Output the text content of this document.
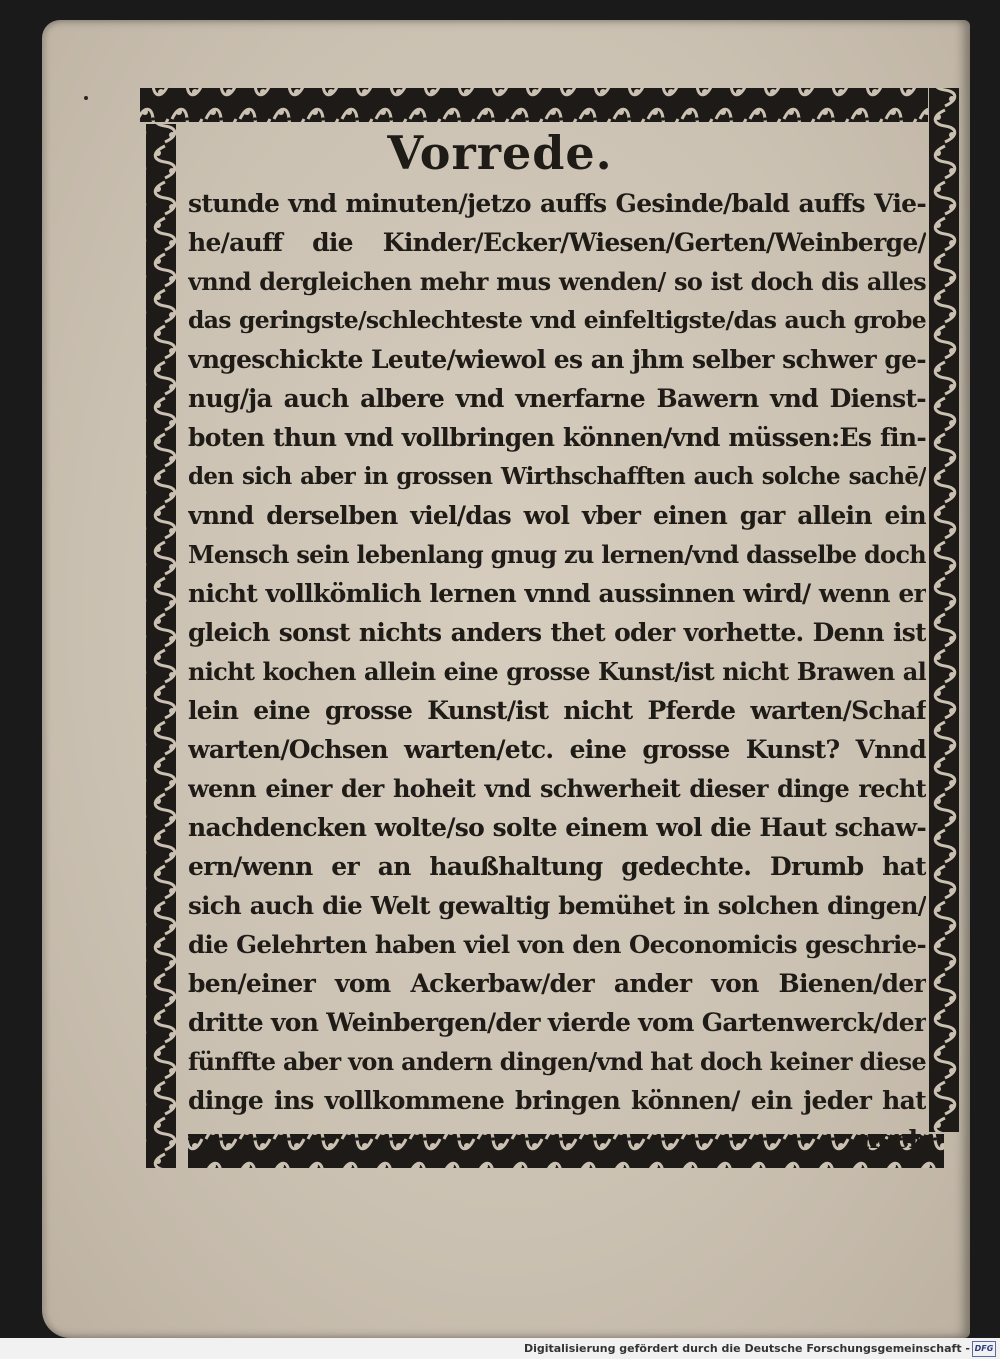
Vorrede.
stunde vnd minuten/jetzo auffs Gesinde/bald auffs Vie-
he/auff die Kinder/Ecker/Wiesen/Gerten/Weinberge/
vnnd dergleichen mehr mus wenden/ so ist doch dis alles
das geringste/schlechteste vnd einfeltigste/das auch grobe
vngeschickte Leute/wiewol es an jhm selber schwer ge-
nug/ja auch albere vnd vnerfarne Bawern vnd Dienst-
boten thun vnd vollbringen können/vnd müssen:Es fin-
den sich aber in grossen Wirthschafften auch solche sachē/
vnnd derselben viel/das wol vber einen gar allein ein
Mensch sein lebenlang gnug zu lernen/vnd dasselbe doch
nicht vollkömlich lernen vnnd aussinnen wird/ wenn er
gleich sonst nichts anders thet oder vorhette. Denn ist
nicht kochen allein eine grosse Kunst/ist nicht Brawen al
lein eine grosse Kunst/ist nicht Pferde warten/Schaf
warten/Ochsen warten/etc. eine grosse Kunst? Vnnd
wenn einer der hoheit vnd schwerheit dieser dinge recht
nachdencken wolte/so solte einem wol die Haut schaw-
ern/wenn er an haußhaltung gedechte. Drumb hat
sich auch die Welt gewaltig bemühet in solchen dingen/
die Gelehrten haben viel von den Oeconomicis geschrie-
ben/einer vom Ackerbaw/der ander von Bienen/der
dritte von Weinbergen/der vierde vom Gartenwerck/der
fünffte aber von andern dingen/vnd hat doch keiner diese
dinge ins vollkommene bringen können/ ein jeder hat
noch
Digitalisierung gefördert durch die Deutsche Forschungsgemeinschaft - DFG
